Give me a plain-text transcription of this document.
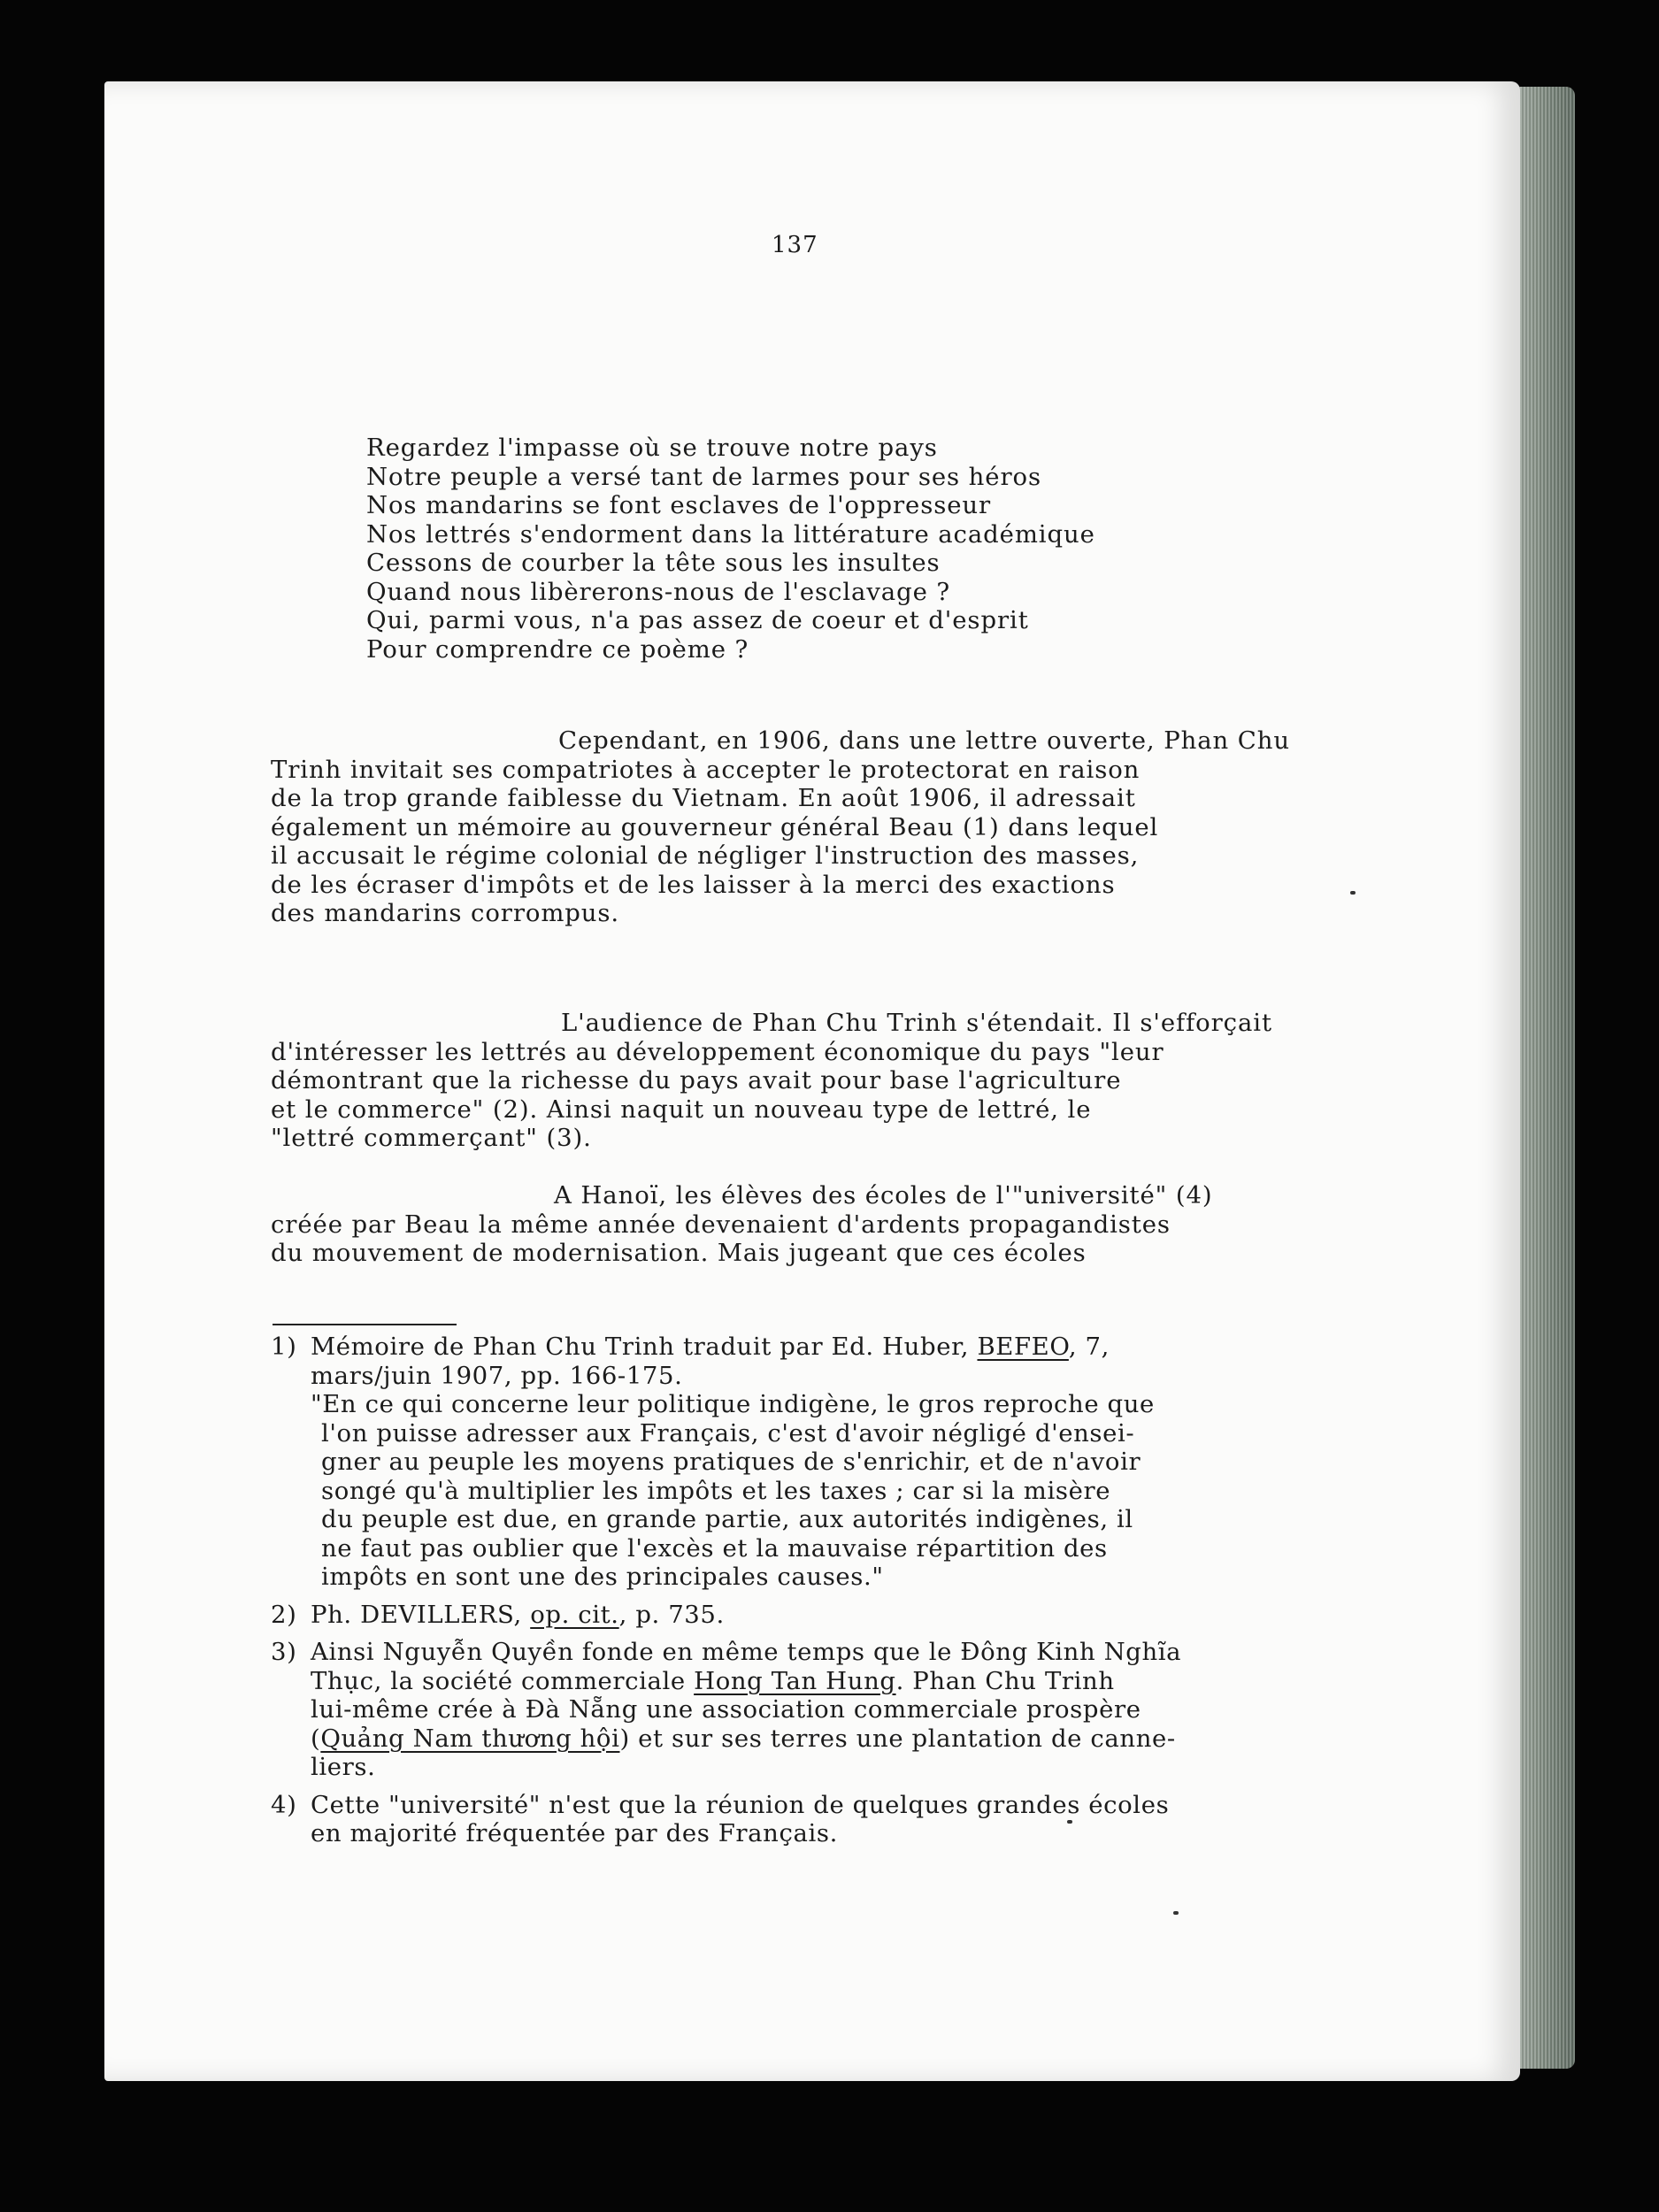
137
Regardez l'impasse où se trouve notre pays
Notre peuple a versé tant de larmes pour ses héros
Nos mandarins se font esclaves de l'oppresseur
Nos lettrés s'endorment dans la littérature académique
Cessons de courber la tête sous les insultes
Quand nous libèrerons-nous de l'esclavage ?
Qui, parmi vous, n'a pas assez de coeur et d'esprit
Pour comprendre ce poème ?
Cependant, en 1906, dans une lettre ouverte, Phan Chu
Trinh invitait ses compatriotes à accepter le protectorat en raison
de la trop grande faiblesse du Vietnam. En août 1906, il adressait
également un mémoire au gouverneur général Beau (1) dans lequel
il accusait le régime colonial de négliger l'instruction des masses,
de les écraser d'impôts et de les laisser à la merci des exactions
des mandarins corrompus.
L'audience de Phan Chu Trinh s'étendait. Il s'efforçait
d'intéresser les lettrés au développement économique du pays "leur
démontrant que la richesse du pays avait pour base l'agriculture
et le commerce" (2). Ainsi naquit un nouveau type de lettré, le
"lettré commerçant" (3).
A Hanoï, les élèves des écoles de l'"université" (4)
créée par Beau la même année devenaient d'ardents propagandistes
du mouvement de modernisation. Mais jugeant que ces écoles
1) Mémoire de Phan Chu Trinh traduit par Ed. Huber, BEFEO, 7,
mars/juin 1907, pp. 166-175.
"En ce qui concerne leur politique indigène, le gros reproche que
l'on puisse adresser aux Français, c'est d'avoir négligé d'ensei-
gner au peuple les moyens pratiques de s'enrichir, et de n'avoir
songé qu'à multiplier les impôts et les taxes ; car si la misère
du peuple est due, en grande partie, aux autorités indigènes, il
ne faut pas oublier que l'excès et la mauvaise répartition des
impôts en sont une des principales causes."
2) Ph. DEVILLERS, op. cit., p. 735.
3) Ainsi Nguyễn Quyền fonde en même temps que le Đông Kinh Nghĩa
Thục, la société commerciale Hong Tan Hung. Phan Chu Trinh
lui-même crée à Đà Nẵng une association commerciale prospère
(Quảng Nam thương hội) et sur ses terres une plantation de canne-
liers.
4) Cette "université" n'est que la réunion de quelques grandes écoles
en majorité fréquentée par des Français.
